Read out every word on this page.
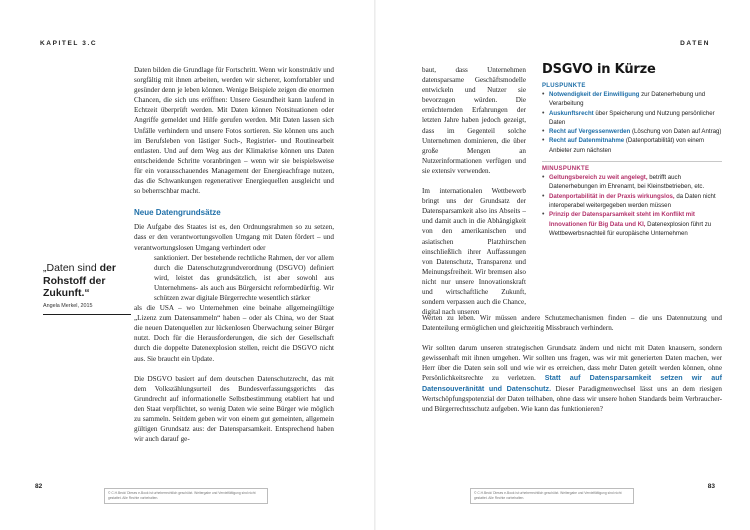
KAPITEL 3.C	DATEN

Daten bilden die Grundlage für Fortschritt. Wenn wir konstruktiv und sorgfältig mit ihnen arbeiten, werden wir sicherer, komfortabler und gesünder denn je leben können. Wenige Beispiele zeigen die enormen Chancen, die sich uns eröffnen: Unsere Gesundheit kann laufend in Echtzeit überprüft werden. Mit Daten können Notsituationen oder Angriffe gemeldet und Hilfe gerufen werden. Mit Daten lassen sich Unfälle verhindern und unsere Fotos sortieren. Sie können uns auch im Berufsleben von lästiger Such-, Registrier- und Routinearbeit entlasten. Und auf dem Weg aus der Klimakrise können uns Daten entscheidende Schritte voranbringen – wenn wir sie beispielsweise für ein vorausschauendes Management der Energieachfrage nutzen, das die Schwankungen regenerativer Energiequellen ausgleicht und so beherrschbar macht.

Neue Datengrundsätze

Die Aufgabe des Staates ist es, den Ordnungsrahmen so zu setzen, dass er den verantwortungsvollen Umgang mit Daten fördert – und verantwortungslosen Umgang verhindert oder
sanktioniert. Der bestehende rechtliche Rahmen, der vor allem durch die Datenschutzgrundverordnung (DSGVO) definiert wird, leistet das grundsätzlich, ist aber sowohl aus Unternehmens- als auch aus Bürgersicht reformbedürftig. Wir schützen zwar digitale Bürgerrechte wesentlich stärker
als die USA – wo Unternehmen eine beinahe allgemeingültige „Lizenz zum Datensammeln“ haben – oder als China, wo der Staat die neuen Datenquellen zur lückenlosen Überwachung seiner Bürger nutzt. Doch für die Herausforderungen, die sich der Gesellschaft durch die doppelte Datenexplosion stellen, reicht die DSGVO nicht aus. Sie braucht ein Update.

Die DSGVO basiert auf dem deutschen Datenschutzrecht, das mit dem Volkszählungsurteil des Bundesverfassungsgerichts das Grundrecht auf informationelle Selbstbestimmung etabliert hat und den Staat verpflichtet, so wenig Daten wie seine Bürger wie möglich zu sammeln. Seitdem geben wir von einem gut gemeinten, allgemein gültigen Grundsatz aus: der Datensparsamkeit. Entsprechend haben wir auch darauf ge-

„Daten sind der Rohstoff der Zukunft.“
Angela Merkel, 2015
82
© C.H.Beck/ Dieses e-Book ist urheberrechtlich geschützt. Weitergabe und Vervielfältigung sind nicht gestattet. Alle Rechte vorbehalten.

baut, dass Unternehmen datensparsame Geschäftsmodelle entwickeln und Nutzer sie bevorzugen würden. Die ernüchternden Erfahrungen der letzten Jahre haben jedoch gezeigt, dass im Gegenteil solche Unternehmen dominieren, die über große Mengen an Nutzerinformationen verfügen und sie extensiv verwenden.

Im internationalen Wettbewerb bringt uns der Grundsatz der Datensparsamkeit also ins Abseits – und damit auch in die Abhängigkeit von den amerikanischen und asiatischen Platzhirschen einschließlich ihrer Auffassungen von Datenschutz, Transparenz und Meinungsfreiheit. Wir bremsen also nicht nur unsere Innovationskraft und wirtschaftliche Zukunft, sondern verpassen auch die Chance, digital nach unseren

Werten zu leben. Wir müssen andere Schutzmechanismen finden – die uns Datennutzung und Datenteilung ermöglichen und gleichzeitig Missbrauch verhindern.

Wir sollten darum unseren strategischen Grundsatz ändern und nicht mit Daten knausern, sondern gewissenhaft mit ihnen umgehen. Wir sollten uns fragen, was wir mit generierten Daten machen, wer Herr über die Daten sein soll und wie wir es erreichen, dass mehr Daten geteilt werden können, ohne Persönlichkeitsrechte zu verletzen. Statt auf Datensparsamkeit setzen wir auf Datensouveränität und Datenschutz. Dieser Paradigmenwechsel lässt uns an dem riesigen Wertschöpfungspotenzial der Daten teilhaben, ohne dass wir unsere hohen Standards beim Verbraucher- und Bürgerrechtsschutz aufgeben. Wie kann das funktionieren?

DSGVO in Kürze
PLUSPUNKTE
• Notwendigkeit der Einwilligung zur Datenerhebung und Verarbeitung
• Auskunftsrecht über Speicherung und Nutzung persönlicher Daten
• Recht auf Vergessenwerden (Löschung von Daten auf Antrag)
• Recht auf Datenmitnahme (Datenportabilität) von einem Anbieter zum nächsten
MINUSPUNKTE
• Geltungsbereich zu weit angelegt, betrifft auch Datenerhebungen im Ehrenamt, bei Kleinstbetrieben, etc.
• Datenportabilität in der Praxis wirkungslos, da Daten nicht interoperabel weitergegeben werden müssen
• Prinzip der Datensparsamkeit steht im Konflikt mit Innovationen für Big Data und KI, Datenexplosion führt zu Wettbewerbsnachteil für europäische Unternehmen
83
© C.H.Beck/ Dieses e-Book ist urheberrechtlich geschützt. Weitergabe und Vervielfältigung sind nicht gestattet. Alle Rechte vorbehalten.
